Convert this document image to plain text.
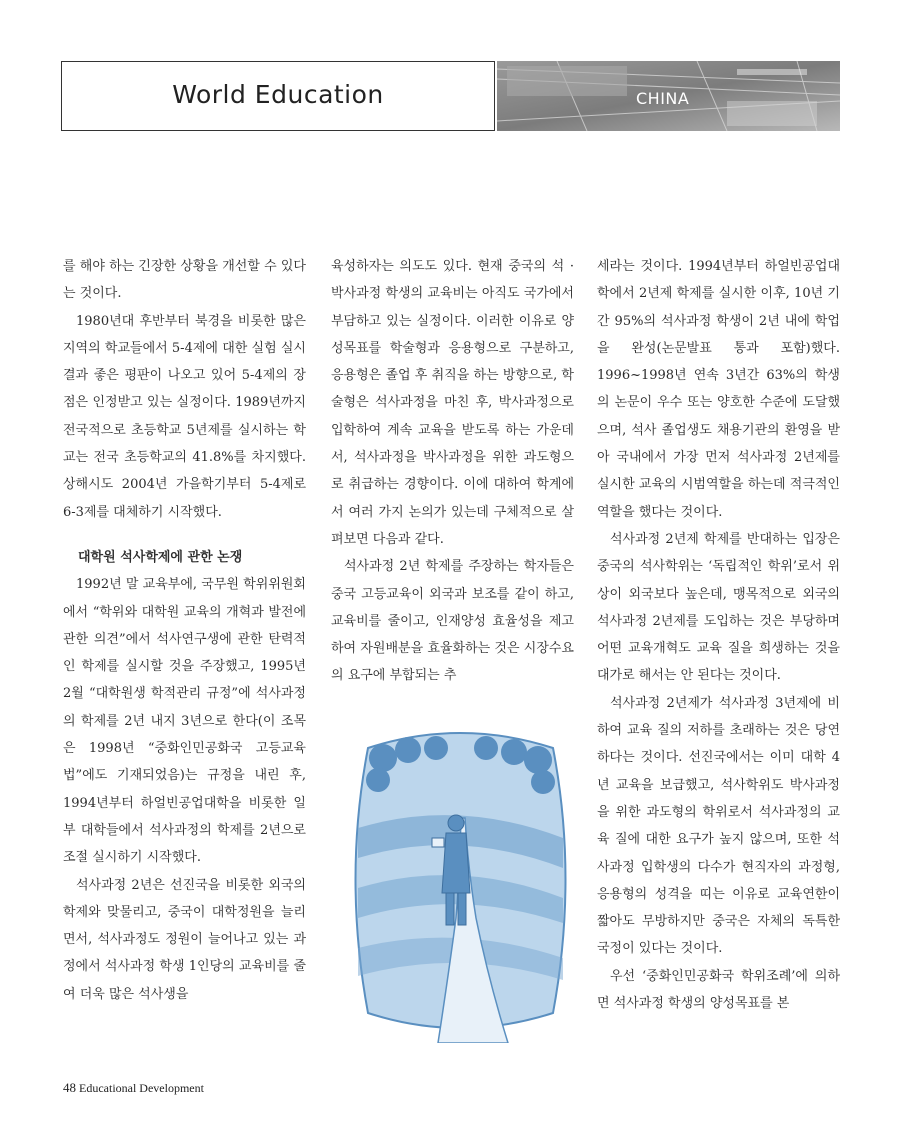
World Education	CHINA

를 해야 하는 긴장한 상황을 개선할 수 있다는 것이다.

1980년대 후반부터 북경을 비롯한 많은 지역의 학교들에서 5-4제에 대한 실험 실시 결과 좋은 평판이 나오고 있어 5-4제의 장점은 인정받고 있는 실정이다. 1989년까지 전국적으로 초등학교 5년제를 실시하는 학교는 전국 초등학교의 41.8%를 차지했다. 상해시도 2004년 가을학기부터 5-4제로 6-3제를 대체하기 시작했다.

대학원 석사학제에 관한 논쟁

1992년 말 교육부에, 국무원 학위위원회에서 “학위와 대학원 교육의 개혁과 발전에 관한 의견”에서 석사연구생에 관한 탄력적인 학제를 실시할 것을 주장했고, 1995년 2월 “대학원생 학적관리 규정”에 석사과정의 학제를 2년 내지 3년으로 한다(이 조목은 1998년 “중화인민공화국 고등교육법”에도 기재되었음)는 규정을 내린 후, 1994년부터 하얼빈공업대학을 비롯한 일부 대학들에서 석사과정의 학제를 2년으로 조절 실시하기 시작했다.

석사과정 2년은 선진국을 비롯한 외국의 학제와 맞물리고, 중국이 대학정원을 늘리면서, 석사과정도 정원이 늘어나고 있는 과정에서 석사과정 학생 1인당의 교육비를 줄여 더욱 많은 석사생을

육성하자는 의도도 있다. 현재 중국의 석 · 박사과정 학생의 교육비는 아직도 국가에서 부담하고 있는 실정이다. 이러한 이유로 양성목표를 학술형과 응용형으로 구분하고, 응용형은 졸업 후 취직을 하는 방향으로, 학술형은 석사과정을 마친 후, 박사과정으로 입학하여 계속 교육을 받도록 하는 가운데서, 석사과정을 박사과정을 위한 과도형으로 취급하는 경향이다. 이에 대하여 학계에서 여러 가지 논의가 있는데 구체적으로 살펴보면 다음과 같다.

석사과정 2년 학제를 주장하는 학자들은 중국 고등교육이 외국과 보조를 같이 하고, 교육비를 줄이고, 인재양성 효율성을 제고하여 자원배분을 효율화하는 것은 시장수요의 요구에 부합되는 추

세라는 것이다. 1994년부터 하얼빈공업대학에서 2년제 학제를 실시한 이후, 10년 기간 95%의 석사과정 학생이 2년 내에 학업을 완성(논문발표 통과 포함)했다. 1996~1998년 연속 3년간 63%의 학생의 논문이 우수 또는 양호한 수준에 도달했으며, 석사 졸업생도 채용기관의 환영을 받아 국내에서 가장 먼저 석사과정 2년제를 실시한 교육의 시범역할을 하는데 적극적인 역할을 했다는 것이다.

석사과정 2년제 학제를 반대하는 입장은 중국의 석사학위는 ‘독립적인 학위’로서 위상이 외국보다 높은데, 맹목적으로 외국의 석사과정 2년제를 도입하는 것은 부당하며 어떤 교육개혁도 교육 질을 희생하는 것을 대가로 해서는 안 된다는 것이다.

석사과정 2년제가 석사과정 3년제에 비하여 교육 질의 저하를 초래하는 것은 당연하다는 것이다. 선진국에서는 이미 대학 4년 교육을 보급했고, 석사학위도 박사과정을 위한 과도형의 학위로서 석사과정의 교육 질에 대한 요구가 높지 않으며, 또한 석사과정 입학생의 다수가 현직자의 과정형, 응용형의 성격을 띠는 이유로 교육연한이 짧아도 무방하지만 중국은 자체의 독특한 국정이 있다는 것이다.

우선 ‘중화인민공화국 학위조례’에 의하면 석사과정 학생의 양성목표를 본

48 Educational Development
